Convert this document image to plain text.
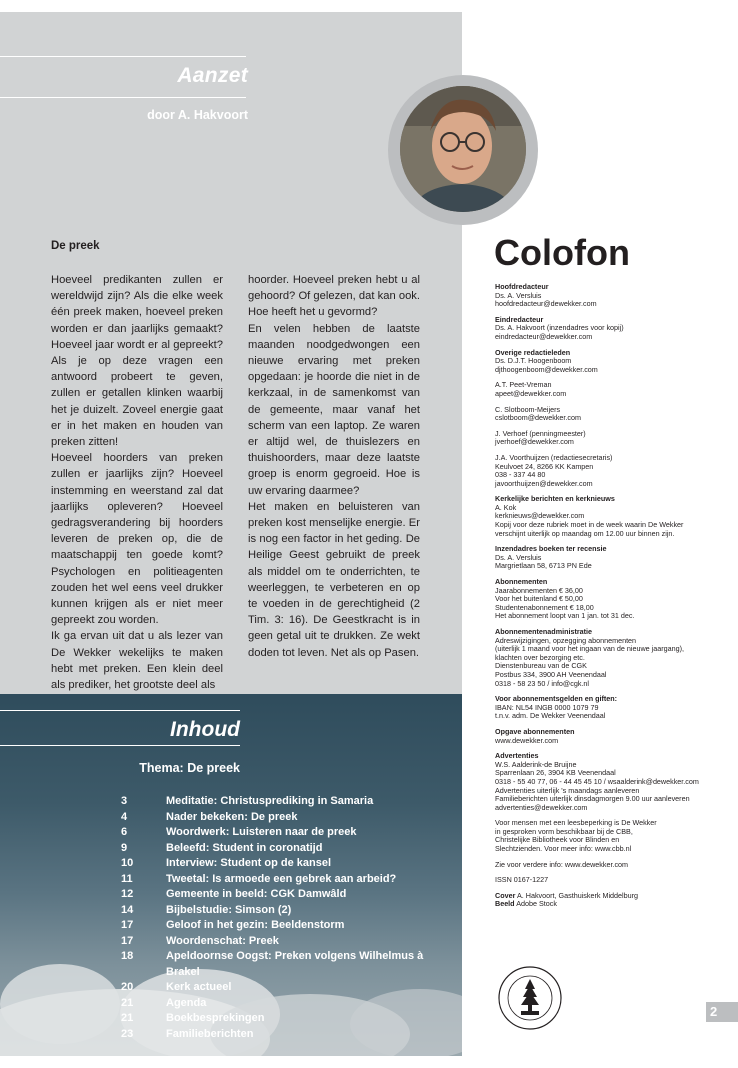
Aanzet
door A. Hakvoort
De preek

Hoeveel predikanten zullen er wereldwijd zijn? Als die elke week één preek maken, hoeveel preken worden er dan jaarlijks gemaakt? Hoeveel jaar wordt er al gepreekt? Als je op deze vragen een antwoord probeert te geven, zullen er getallen klinken waarbij het je duizelt. Zoveel energie gaat er in het maken en houden van preken zitten!

Hoeveel hoorders van preken zullen er jaarlijks zijn? Hoeveel instemming en weerstand zal dat jaarlijks opleveren? Hoeveel gedragsverandering bij hoorders leveren de preken op, die de maatschappij ten goede komt? Psychologen en politieagenten zouden het wel eens veel drukker kunnen krijgen als er niet meer gepreekt zou worden.

Ik ga ervan uit dat u als lezer van De Wekker wekelijks te maken hebt met preken. Een klein deel als prediker, het grootste deel als

hoorder. Hoeveel preken hebt u al gehoord? Of gelezen, dat kan ook. Hoe heeft het u gevormd?

En velen hebben de laatste maanden noodgedwongen een nieuwe ervaring met preken opgedaan: je hoorde die niet in de kerkzaal, in de samenkomst van de gemeente, maar vanaf het scherm van een laptop. Ze waren er altijd wel, de thuislezers en thuishoorders, maar deze laatste groep is enorm gegroeid. Hoe is uw ervaring daarmee?

Het maken en beluisteren van preken kost menselijke energie. Er is nog een factor in het geding. De Heilige Geest gebruikt de preek als middel om te onderrichten, te weerleggen, te verbeteren en op te voeden in de gerechtigheid (2 Tim. 3: 16). De Geestkracht is in geen getal uit te drukken. Ze wekt doden tot leven. Net als op Pasen.

Inhoud
Thema: De preek
3	Meditatie: Christusprediking in Samaria
4	Nader bekeken: De preek
6	Woordwerk: Luisteren naar de preek
9	Beleefd: Student in coronatijd
10	Interview: Student op de kansel
11	Tweetal: Is armoede een gebrek aan arbeid?
12	Gemeente in beeld: CGK Damwâld
14	Bijbelstudie: Simson (2)
17	Geloof in het gezin: Beeldenstorm
17	Woordenschat: Preek
18	Apeldoornse Oogst: Preken volgens Wilhelmus à Brakel
20	Kerk actueel
21	Agenda
21	Boekbesprekingen
23	Familieberichten
Colofon
Hoofdredacteur
Ds. A. Versluis
hoofdredacteur@dewekker.com
Eindredacteur
Ds. A. Hakvoort (inzendadres voor kopij)
eindredacteur@dewekker.com
Overige redactieleden
Ds. D.J.T. Hoogenboom
djthoogenboom@dewekker.com
A.T. Peet-Vreman
apeet@dewekker.com
C. Slotboom-Meijers
cslotboom@dewekker.com
J. Verhoef (penningmeester)
jverhoef@dewekker.com
J.A. Voorthuijzen (redactiesecretaris)
Keulvoet 24, 8266 KK Kampen
038 - 337 44 80
javoorthuijzen@dewekker.com
Kerkelijke berichten en kerknieuws
A. Kok
kerknieuws@dewekker.com
Kopij voor deze rubriek moet in de week waarin De Wekker
verschijnt uiterlijk op maandag om 12.00 uur binnen zijn.
Inzendadres boeken ter recensie
Ds. A. Versluis
Margrietlaan 58, 6713 PN Ede
Abonnementen
Jaarabonnementen € 36,00
Voor het buitenland € 50,00
Studentenabonnement € 18,00
Het abonnement loopt van 1 jan. tot 31 dec.
Abonnementenadministratie
Adreswijzigingen, opzegging abonnementen
(uiterlijk 1 maand voor het ingaan van de nieuwe jaargang),
klachten over bezorging etc.
Dienstenbureau van de CGK
Postbus 334, 3900 AH Veenendaal
0318 - 58 23 50 / info@cgk.nl
Voor abonnementsgelden en giften:
IBAN: NL54 INGB 0000 1079 79
t.n.v. adm. De Wekker Veenendaal
Opgave abonnementen
www.dewekker.com
Advertenties
W.S. Aalderink-de Bruijne
Sparrenlaan 26, 3904 KB Veenendaal
0318 - 55 40 77, 06 - 44 45 45 10 / wsaalderink@dewekker.com
Advertenties uiterlijk 's maandags aanleveren
Familieberichten uiterlijk dinsdagmorgen 9.00 uur aanleveren
advertenties@dewekker.com
Voor mensen met een leesbeperking is De Wekker
in gesproken vorm beschikbaar bij de CBB,
Christelijke Bibliotheek voor Blinden en
Slechtzienden. Voor meer info: www.cbb.nl
Zie voor verdere info: www.dewekker.com
ISSN 0167-1227
Cover A. Hakvoort, Gasthuiskerk Middelburg
Beeld Adobe Stock
2
